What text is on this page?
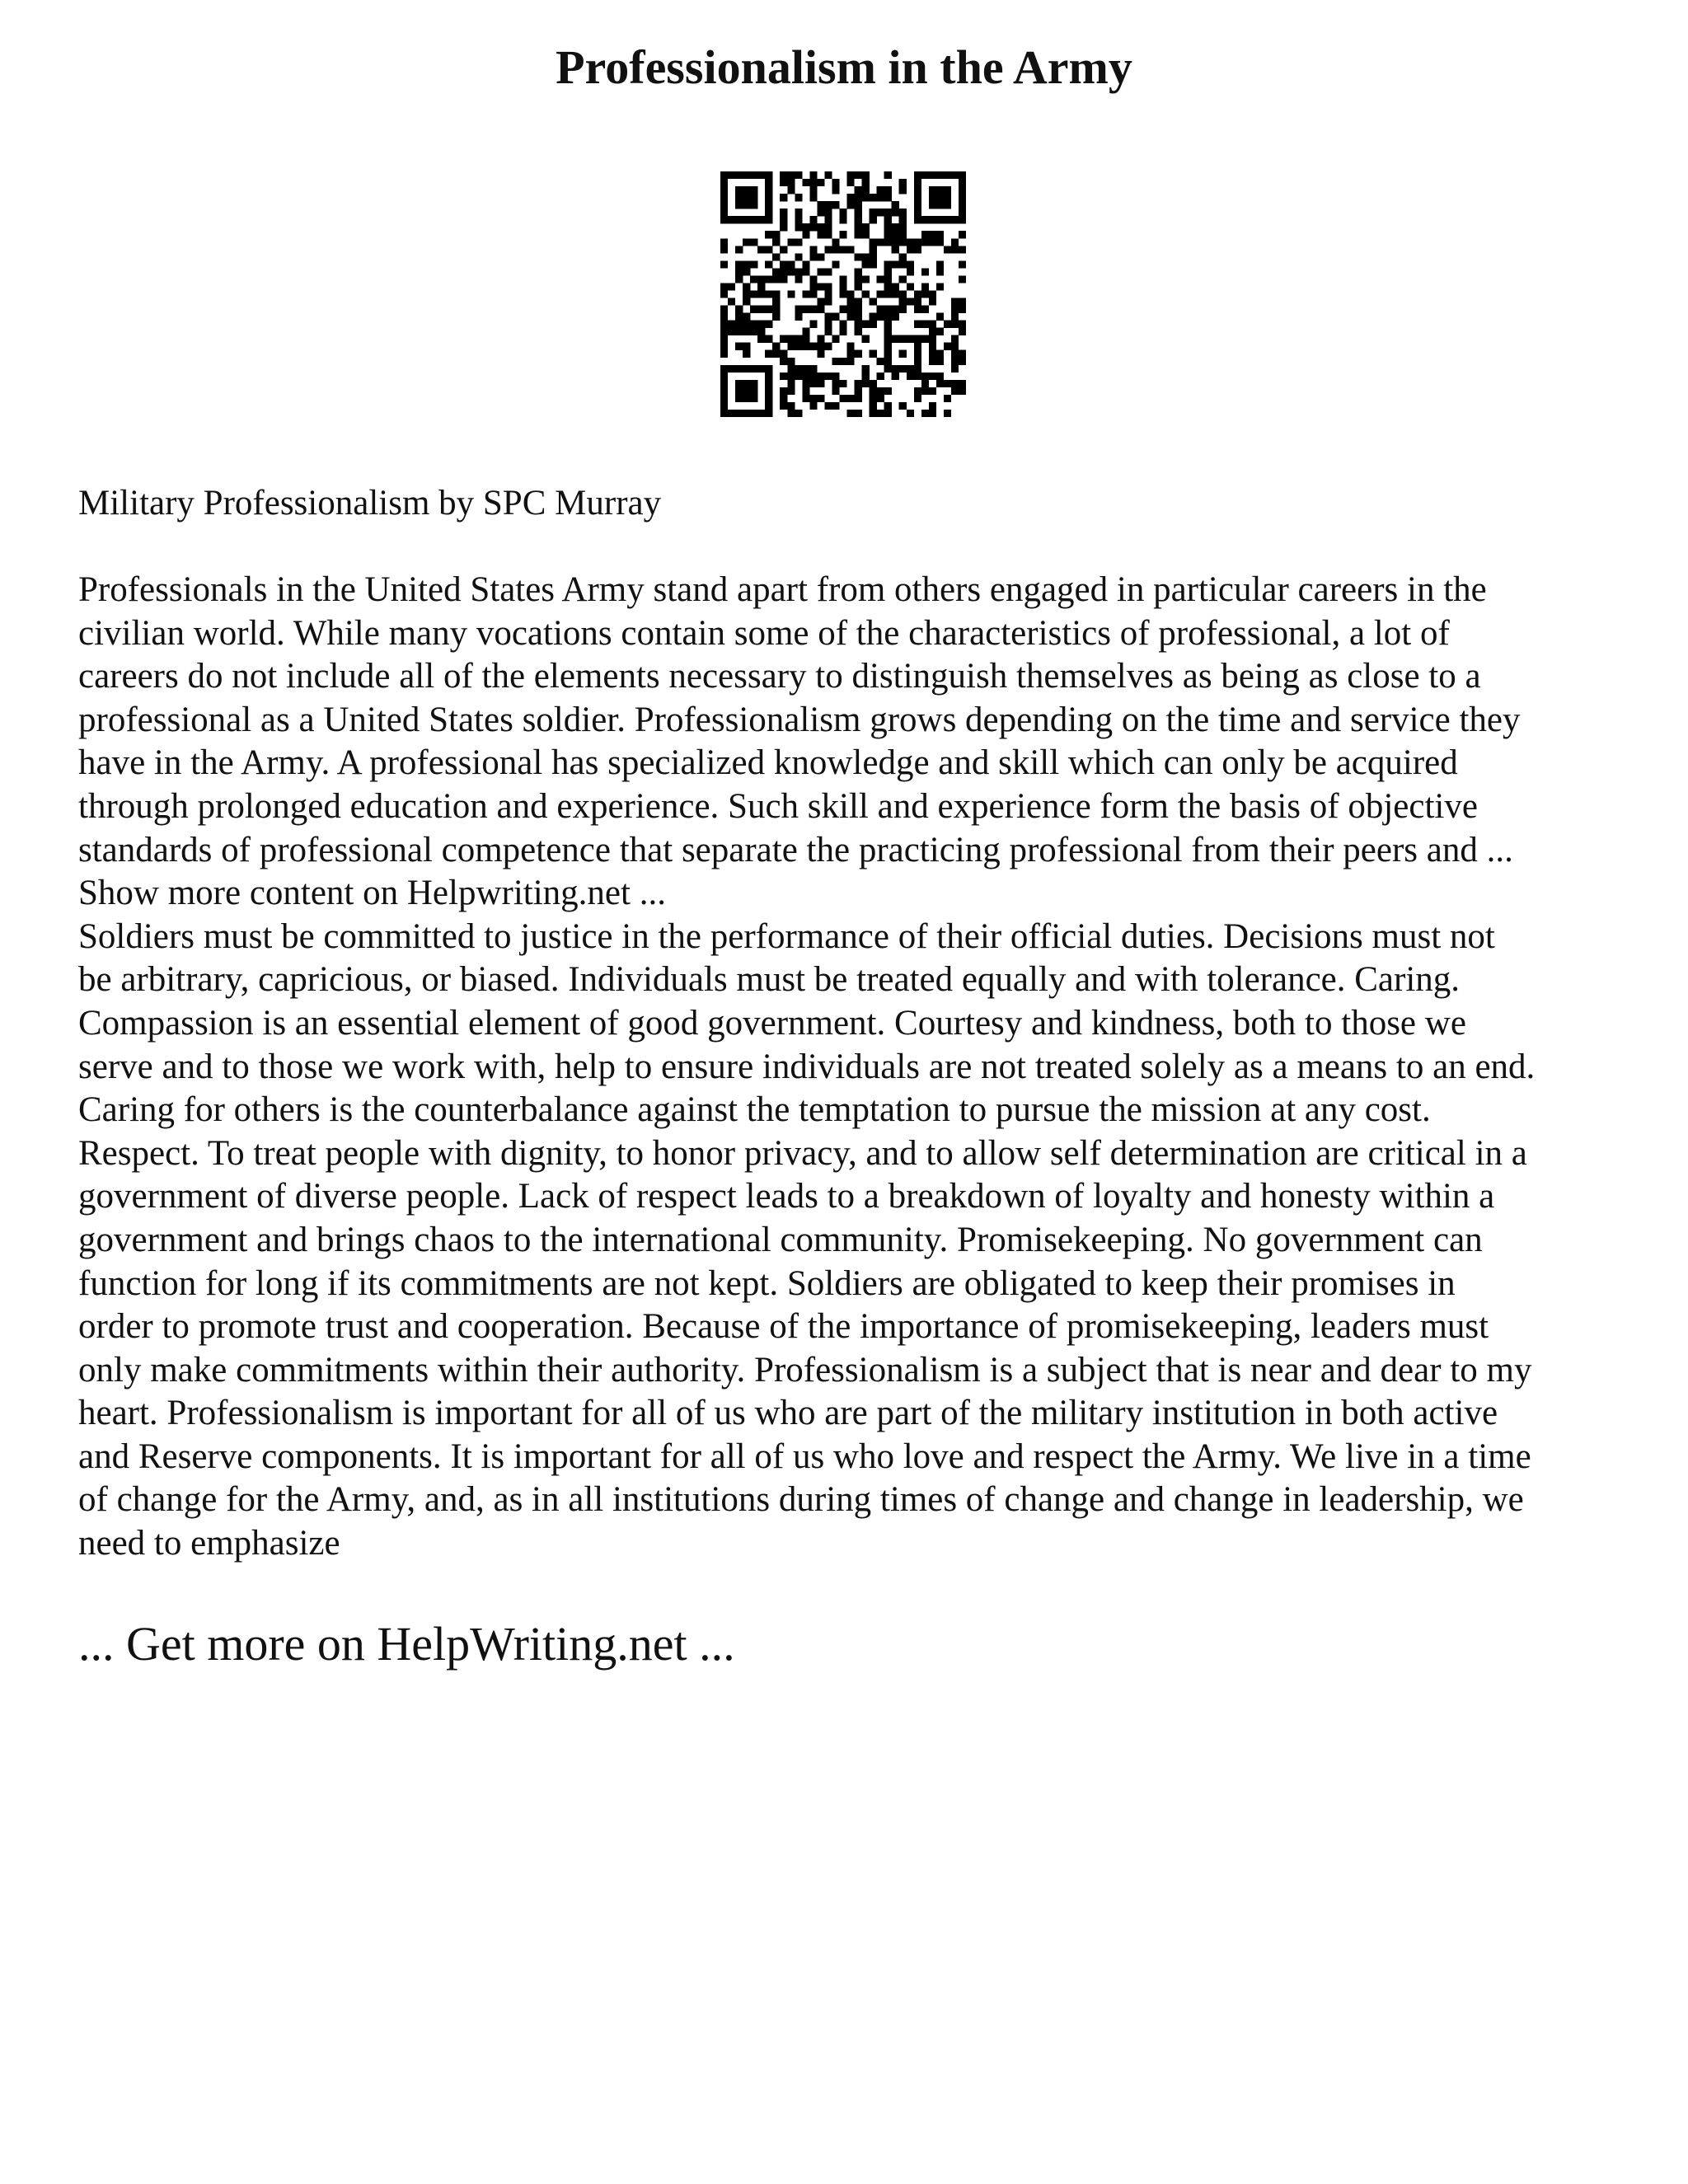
Professionalism in the Army

Military Professionalism by SPC Murray

Professionals in the United States Army stand apart from others engaged in particular careers in the
civilian world. While many vocations contain some of the characteristics of professional, a lot of
careers do not include all of the elements necessary to distinguish themselves as being as close to a
professional as a United States soldier. Professionalism grows depending on the time and service they
have in the Army. A professional has specialized knowledge and skill which can only be acquired
through prolonged education and experience. Such skill and experience form the basis of objective
standards of professional competence that separate the practicing professional from their peers and ...
Show more content on Helpwriting.net ...
Soldiers must be committed to justice in the performance of their official duties. Decisions must not
be arbitrary, capricious, or biased. Individuals must be treated equally and with tolerance. Caring.
Compassion is an essential element of good government. Courtesy and kindness, both to those we
serve and to those we work with, help to ensure individuals are not treated solely as a means to an end.
Caring for others is the counterbalance against the temptation to pursue the mission at any cost.
Respect. To treat people with dignity, to honor privacy, and to allow self determination are critical in a
government of diverse people. Lack of respect leads to a breakdown of loyalty and honesty within a
government and brings chaos to the international community. Promisekeeping. No government can
function for long if its commitments are not kept. Soldiers are obligated to keep their promises in
order to promote trust and cooperation. Because of the importance of promisekeeping, leaders must
only make commitments within their authority. Professionalism is a subject that is near and dear to my
heart. Professionalism is important for all of us who are part of the military institution in both active
and Reserve components. It is important for all of us who love and respect the Army. We live in a time
of change for the Army, and, as in all institutions during times of change and change in leadership, we
need to emphasize

... Get more on HelpWriting.net ...
